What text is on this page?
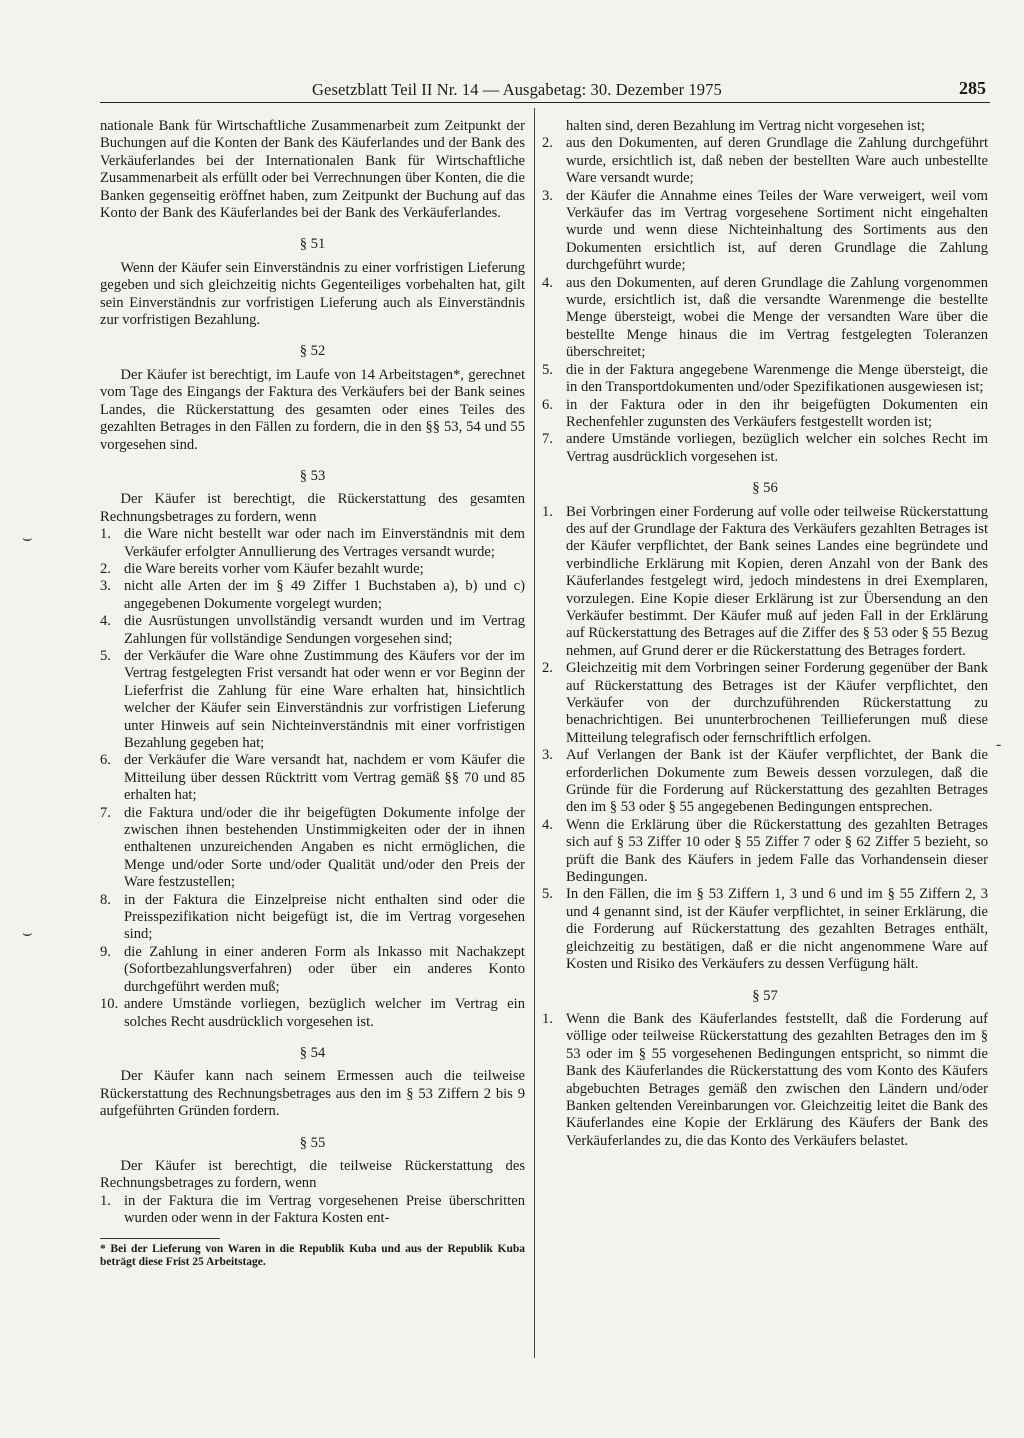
Gesetzblatt Teil II Nr. 14 — Ausgabetag: 30. Dezember 1975	285

nationale Bank für Wirtschaftliche Zusammenarbeit zum Zeitpunkt der Buchungen auf die Konten der Bank des Käuferlandes und der Bank des Verkäuferlandes bei der Internationalen Bank für Wirtschaftliche Zusammenarbeit als erfüllt oder bei Verrechnungen über Konten, die die Banken gegenseitig eröffnet haben, zum Zeitpunkt der Buchung auf das Konto der Bank des Käuferlandes bei der Bank des Verkäuferlandes.

§ 51

Wenn der Käufer sein Einverständnis zu einer vorfristigen Lieferung gegeben und sich gleichzeitig nichts Gegenteiliges vorbehalten hat, gilt sein Einverständnis zur vorfristigen Lieferung auch als Einverständnis zur vorfristigen Bezahlung.

§ 52

Der Käufer ist berechtigt, im Laufe von 14 Arbeitstagen*, gerechnet vom Tage des Eingangs der Faktura des Verkäufers bei der Bank seines Landes, die Rückerstattung des gesamten oder eines Teiles des gezahlten Betrages in den Fällen zu fordern, die in den §§ 53, 54 und 55 vorgesehen sind.

§ 53

Der Käufer ist berechtigt, die Rückerstattung des gesamten Rechnungsbetrages zu fordern, wenn

1. die Ware nicht bestellt war oder nach im Einverständnis mit dem Verkäufer erfolgter Annullierung des Vertrages versandt wurde;
2. die Ware bereits vorher vom Käufer bezahlt wurde;
3. nicht alle Arten der im § 49 Ziffer 1 Buchstaben a), b) und c) angegebenen Dokumente vorgelegt wurden;
4. die Ausrüstungen unvollständig versandt wurden und im Vertrag Zahlungen für vollständige Sendungen vorgesehen sind;
5. der Verkäufer die Ware ohne Zustimmung des Käufers vor der im Vertrag festgelegten Frist versandt hat oder wenn er vor Beginn der Lieferfrist die Zahlung für eine Ware erhalten hat, hinsichtlich welcher der Käufer sein Einverständnis zur vorfristigen Lieferung unter Hinweis auf sein Nichteinverständnis mit einer vorfristigen Bezahlung gegeben hat;
6. der Verkäufer die Ware versandt hat, nachdem er vom Käufer die Mitteilung über dessen Rücktritt vom Vertrag gemäß §§ 70 und 85 erhalten hat;
7. die Faktura und/oder die ihr beigefügten Dokumente infolge der zwischen ihnen bestehenden Unstimmigkeiten oder der in ihnen enthaltenen unzureichenden Angaben es nicht ermöglichen, die Menge und/oder Sorte und/oder Qualität und/oder den Preis der Ware festzustellen;
8. in der Faktura die Einzelpreise nicht enthalten sind oder die Preisspezifikation nicht beigefügt ist, die im Vertrag vorgesehen sind;
9. die Zahlung in einer anderen Form als Inkasso mit Nachakzept (Sofortbezahlungsverfahren) oder über ein anderes Konto durchgeführt werden muß;
10. andere Umstände vorliegen, bezüglich welcher im Vertrag ein solches Recht ausdrücklich vorgesehen ist.
§ 54

Der Käufer kann nach seinem Ermessen auch die teilweise Rückerstattung des Rechnungsbetrages aus den im § 53 Ziffern 2 bis 9 aufgeführten Gründen fordern.

§ 55

Der Käufer ist berechtigt, die teilweise Rückerstattung des Rechnungsbetrages zu fordern, wenn

1. in der Faktura die im Vertrag vorgesehenen Preise überschritten wurden oder wenn in der Faktura Kosten ent-

* Bei der Lieferung von Waren in die Republik Kuba und aus der Republik Kuba beträgt diese Frist 25 Arbeitstage.

halten sind, deren Bezahlung im Vertrag nicht vorgesehen ist;

2. aus den Dokumenten, auf deren Grundlage die Zahlung durchgeführt wurde, ersichtlich ist, daß neben der bestellten Ware auch unbestellte Ware versandt wurde;
3. der Käufer die Annahme eines Teiles der Ware verweigert, weil vom Verkäufer das im Vertrag vorgesehene Sortiment nicht eingehalten wurde und wenn diese Nichteinhaltung des Sortiments aus den Dokumenten ersichtlich ist, auf deren Grundlage die Zahlung durchgeführt wurde;
4. aus den Dokumenten, auf deren Grundlage die Zahlung vorgenommen wurde, ersichtlich ist, daß die versandte Warenmenge die bestellte Menge übersteigt, wobei die Menge der versandten Ware über die bestellte Menge hinaus die im Vertrag festgelegten Toleranzen überschreitet;
5. die in der Faktura angegebene Warenmenge die Menge übersteigt, die in den Transportdokumenten und/oder Spezifikationen ausgewiesen ist;
6. in der Faktura oder in den ihr beigefügten Dokumenten ein Rechenfehler zugunsten des Verkäufers festgestellt worden ist;
7. andere Umstände vorliegen, bezüglich welcher ein solches Recht im Vertrag ausdrücklich vorgesehen ist.
§ 56
1. Bei Vorbringen einer Forderung auf volle oder teilweise Rückerstattung des auf der Grundlage der Faktura des Verkäufers gezahlten Betrages ist der Käufer verpflichtet, der Bank seines Landes eine begründete und verbindliche Erklärung mit Kopien, deren Anzahl von der Bank des Käuferlandes festgelegt wird, jedoch mindestens in drei Exemplaren, vorzulegen. Eine Kopie dieser Erklärung ist zur Übersendung an den Verkäufer bestimmt. Der Käufer muß auf jeden Fall in der Erklärung auf Rückerstattung des Betrages auf die Ziffer des § 53 oder § 55 Bezug nehmen, auf Grund derer er die Rückerstattung des Betrages fordert.
2. Gleichzeitig mit dem Vorbringen seiner Forderung gegenüber der Bank auf Rückerstattung des Betrages ist der Käufer verpflichtet, den Verkäufer von der durchzuführenden Rückerstattung zu benachrichtigen. Bei ununterbrochenen Teillieferungen muß diese Mitteilung telegrafisch oder fernschriftlich erfolgen.
3. Auf Verlangen der Bank ist der Käufer verpflichtet, der Bank die erforderlichen Dokumente zum Beweis dessen vorzulegen, daß die Gründe für die Forderung auf Rückerstattung des gezahlten Betrages den im § 53 oder § 55 angegebenen Bedingungen entsprechen.
4. Wenn die Erklärung über die Rückerstattung des gezahlten Betrages sich auf § 53 Ziffer 10 oder § 55 Ziffer 7 oder § 62 Ziffer 5 bezieht, so prüft die Bank des Käufers in jedem Falle das Vorhandensein dieser Bedingungen.
5. In den Fällen, die im § 53 Ziffern 1, 3 und 6 und im § 55 Ziffern 2, 3 und 4 genannt sind, ist der Käufer verpflichtet, in seiner Erklärung, die die Forderung auf Rückerstattung des gezahlten Betrages enthält, gleichzeitig zu bestätigen, daß er die nicht angenommene Ware auf Kosten und Risiko des Verkäufers zu dessen Verfügung hält.
§ 57
1. Wenn die Bank des Käuferlandes feststellt, daß die Forderung auf völlige oder teilweise Rückerstattung des gezahlten Betrages den im § 53 oder im § 55 vorgesehenen Bedingungen entspricht, so nimmt die Bank des Käuferlandes die Rückerstattung des vom Konto des Käufers abgebuchten Betrages gemäß den zwischen den Ländern und/oder Banken geltenden Vereinbarungen vor. Gleichzeitig leitet die Bank des Käuferlandes eine Kopie der Erklärung des Käufers der Bank des Verkäuferlandes zu, die das Konto des Verkäufers belastet.
⌣
⌣
-
